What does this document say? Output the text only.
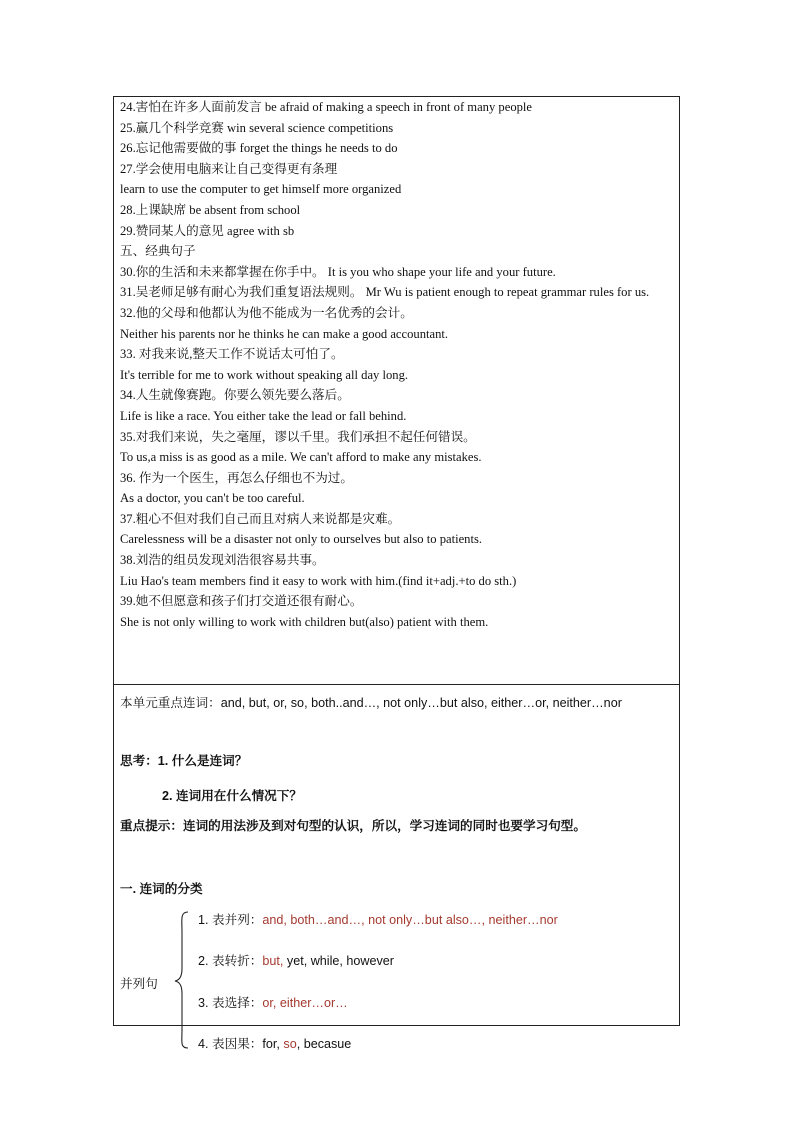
24.害怕在许多人面前发言 be afraid of making a speech in front of many people
25.赢几个科学竞赛 win several science competitions
26.忘记他需要做的事 forget the things he needs to do
27.学会使用电脑来让自己变得更有条理
learn to use the computer to get himself more organized
28.上课缺席 be absent from school
29.赞同某人的意见 agree with sb
五、经典句子
30.你的生活和未来都掌握在你手中。 It is you who shape your life and your future.
31.吴老师足够有耐心为我们重复语法规则。 Mr Wu is patient enough to repeat grammar rules for us.
32.他的父母和他都认为他不能成为一名优秀的会计。
Neither his parents nor he thinks he can make a good accountant.
33. 对我来说,整天工作不说话太可怕了。
It's terrible for me to work without speaking all day long.
34.人生就像赛跑。你要么领先要么落后。
Life is like a race. You either take the lead or fall behind.
35.对我们来说，失之毫厘，谬以千里。我们承担不起任何错误。
To us,a miss is as good as a mile. We can't afford to make any mistakes.
36. 作为一个医生，再怎么仔细也不为过。
As a doctor, you can't be too careful.
37.粗心不但对我们自己而且对病人来说都是灾难。
Carelessness will be a disaster not only to ourselves but also to patients.
38.刘浩的组员发现刘浩很容易共事。
Liu Hao's team members find it easy to work with him.(find it+adj.+to do sth.)
39.她不但愿意和孩子们打交道还很有耐心。
She is not only willing to work with children but(also) patient with them.
本单元重点连词：and, but, or, so, both..and…, not only…but also, either…or, neither…nor
思考：1. 什么是连词？
2. 连词用在什么情况下？
重点提示：连词的用法涉及到对句型的认识，所以，学习连词的同时也要学习句型。
一. 连词的分类
并列句
1. 表并列：and, both…and…, not only…but also…, neither…nor
2. 表转折：but, yet, while, however
3. 表选择：or, either…or…
4. 表因果：for, so, becasue
